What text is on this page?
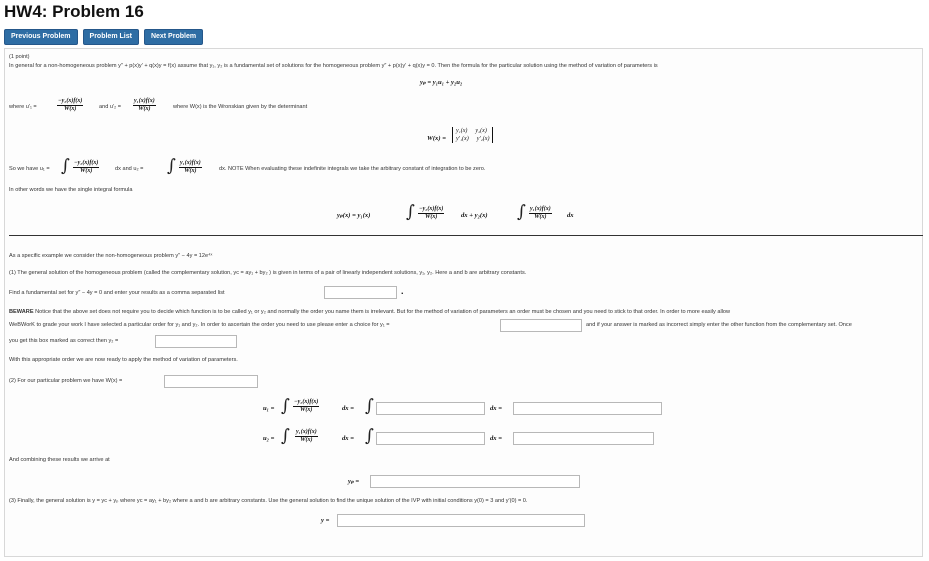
HW4: Problem 16
Previous Problem	Problem List	Next Problem
(1 point)
In general for a non-homogeneous problem y″ + p(x)y′ + q(x)y = f(x) assume that y₁, y₂ is a fundamental set of solutions for the homogeneous problem y″ + p(x)y′ + q(x)y = 0. Then the formula for the particular solution using the method of variation of parameters is
yₚ = y₁u₁ + y₂u₂
where u′₁ =	$\frac{\text{−y₂(x)f(x)}}{W(x)}$	and $u'_2 = \frac{\text{y₁(x)f(x)}}{W(x)}$	where W(x) is the Wronskian given by the determinant
W(x) =
y₁(x) y₂(x)
y′₁(x) y′₂(x)
So we have u₁ = ∫ $\frac{\text{−y₂(x)f(x)}}{W(x)}$	dx and u₂ = ∫ $\frac{\text{y₁(x)f(x)}}{W(x)}$	dx. NOTE When evaluating these indefinite integrals we take the arbitrary constant of integration to be zero.
In other words we have the single integral formula
yₚ(x) = y₁(x) ∫ $\frac{\text{−y₂(x)f(x)}}{W(x)}$	dx + y₂(x) ∫ $\frac{\text{y₁(x)f(x)}}{W(x)}$ dx
As a specific example we consider the non-homogeneous problem y″ − 4y = 12e⁴ˣ
(1) The general solution of the homogeneous problem (called the complementary solution, yc = ay₁ + by₂ ) is given in terms of a pair of linearly independent solutions, y₁, y₂. Here a and b are arbitrary constants.
Find a fundamental set for y″ − 4y = 0 and enter your results as a comma separated list	.
BEWARE Notice that the above set does not require you to decide which function is to be called y₁ or y₂ and normally the order you name them is irrelevant. But for the method of variation of parameters an order must be chosen and you need to stick to that order. In order to more easily allow
WeBWorK to grade your work I have selected a particular order for y₁ and y₂. In order to ascertain the order you need to use please enter a choice for y₁ =	and if your answer is marked as incorrect simply enter the other function from the complementary set. Once
you get this box marked as correct then y₂ =
With this appropriate order we are now ready to apply the method of variation of parameters.
(2) For our particular problem we have W(x) =
u₁ = ∫ $\frac{\text{−y₂(x)f(x)}}{W(x)}$	dx = ∫	dx =
u₂ = ∫ $\frac{\text{y₁(x)f(x)}}{W(x)}$	dx = ∫	dx =
And combining these results we arrive at
yₚ =
(3) Finally, the general solution is y = yc + yₚ where yc = ay₁ + by₂ where a and b are arbitrary constants. Use the general solution to find the unique solution of the IVP with initial conditions y(0) = 3 and y′(0) = 0.
y =
